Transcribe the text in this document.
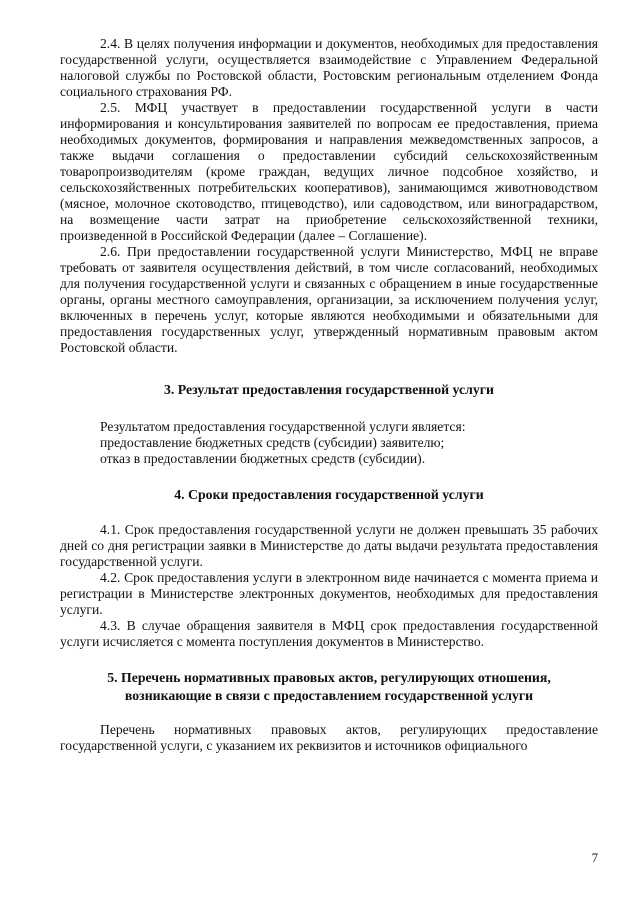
2.4. В целях получения информации и документов, необходимых для предоставления государственной услуги, осуществляется взаимодействие с Управлением Федеральной налоговой службы по Ростовской области, Ростовским региональным отделением Фонда социального страхования РФ.

2.5. МФЦ участвует в предоставлении государственной услуги в части информирования и консультирования заявителей по вопросам ее предоставления, приема необходимых документов, формирования и направления межведомственных запросов, а также выдачи соглашения о предоставлении субсидий сельскохозяйственным товаропроизводителям (кроме граждан, ведущих личное подсобное хозяйство, и сельскохозяйственных потребительских кооперативов), занимающимся животноводством (мясное, молочное скотоводство, птицеводство), или садоводством, или виноградарством, на возмещение части затрат на приобретение сельскохозяйственной техники, произведенной в Российской Федерации (далее – Соглашение).

2.6. При предоставлении государственной услуги Министерство, МФЦ не вправе требовать от заявителя осуществления действий, в том числе согласований, необходимых для получения государственной услуги и связанных с обращением в иные государственные органы, органы местного самоуправления, организации, за исключением получения услуг, включенных в перечень услуг, которые являются необходимыми и обязательными для предоставления государственных услуг, утвержденный нормативным правовым актом Ростовской области.

3. Результат предоставления государственной услуги

Результатом предоставления государственной услуги является:

предоставление бюджетных средств (субсидии) заявителю;

отказ в предоставлении бюджетных средств (субсидии).

4. Сроки предоставления государственной услуги

4.1. Срок предоставления государственной услуги не должен превышать 35 рабочих дней со дня регистрации заявки в Министерстве до даты выдачи результата предоставления государственной услуги.

4.2. Срок предоставления услуги в электронном виде начинается с момента приема и регистрации в Министерстве электронных документов, необходимых для предоставления услуги.

4.3. В случае обращения заявителя в МФЦ срок предоставления государственной услуги исчисляется с момента поступления документов в Министерство.

5. Перечень нормативных правовых актов, регулирующих отношения,
возникающие в связи с предоставлением государственной услуги

Перечень нормативных правовых актов, регулирующих предоставление государственной услуги, с указанием их реквизитов и источников официального

7
